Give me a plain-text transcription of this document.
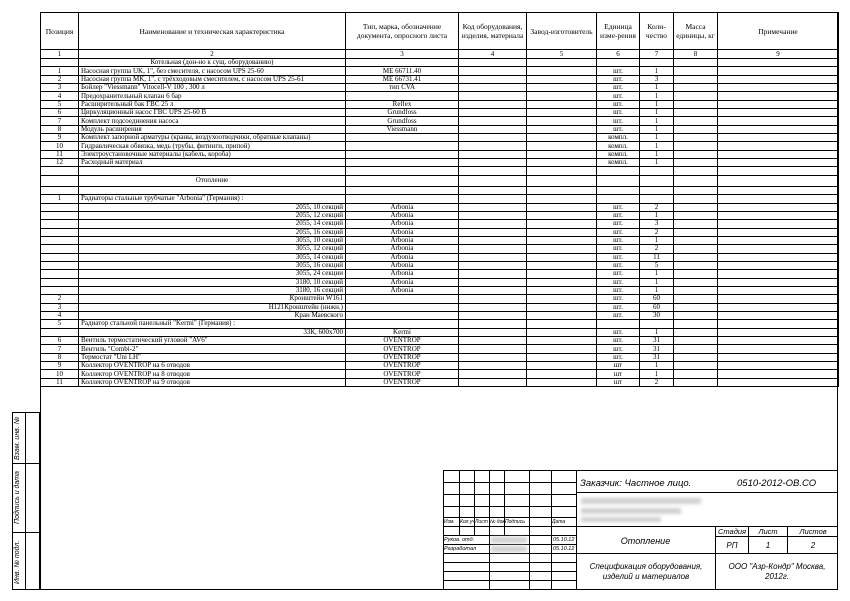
Позиция	Наименование и техническая характеристика	Тип, марка, обозначение документа, опросного листа	Код оборудования, изделия, материала	Завод-изготовитель	Единица изме-рения	Коли-чество	Масса единицы, кг	Примечание
1	2	3	4	5	6	7	8	9
	Котельная (дон-но к сущ. оборудованию)							
1	Насосная группа UK, 1", без смесителя, с насосом UPS 25-60	ME 66711.40			шт.	1		
2	Насосная группа MK, 1", с трёхходовым смесителем, с насосом UPS 25-61	ME 66731.41			шт.	3		
3	Бойлер "Viessmann" Vitocell-V 100 , 300 л	тип CVA			шт.	1		
4	Предохранительный клапан 6 бар				шт.	1		
5	Расширительный бак ГВС 25 л	Reflex			шт.	1		
6	Циркуляционный насос ГВС UPS 25-60 B	Grundfoss			шт.	1		
7	Комплект подсоединения насоса	Grundfoss			шт.	1		
8	Модуль расширения	Viessmann			шт.	1		
9	Комплект запорной арматуры (краны, воздухоотводчики, обратные клапаны)				компл.	1		
10	Гидравлическая обвязка, медь (трубы, фитинги, припой)				компл.	1		
11	Электроустановочные материалы (кабель, короба)				компл.	1		
12	Расходный материал				компл.	1		

	Отопление							

1	Радиаторы стальные трубчатые "Arbonia" (Германия) :							
	2055, 10 секций	Arbonia			шт.	2		
	2055, 12 секций	Arbonia			шт.	1		
	2055, 14 секций	Arbonia			шт.	3		
	2055, 16 секций	Arbonia			шт.	2		
	3055, 10 секций	Arbonia			шт.	1		
	3055, 12 секций	Arbonia			шт.	2		
	3055, 14 секций	Arbonia			шт.	11		
	3055, 16 секций	Arbonia			шт.	5		
	3055, 24 секции	Arbonia			шт.	1		
	3180, 10 секций	Arbonia			шт.	1		
	3180, 16 секций	Arbonia			шт.	1		
2	Кронштейн W161				шт.	60		
3	H121Кронштейн (нижн.)				шт.	60		
4	Кран Маевского				шт.	30		
5	Радиатор стальной панельный "Kermi" (Германия) :							
	33К, 600х700	Kermi			шт.	1		
6	Вентиль термостатический угловой "AV6"	OVENTROP			шт.	31		
7	Вентиль "Combi-2"	OVENTROP			шт.	31		
8	Термостат "Uni LH"	OVENTROP			шт.	31		
9	Коллектор OVENTROP на 6 отводов	OVENTROP			шт	1		
10	Коллектор OVENTROP на 8 отводов	OVENTROP			шт	1		
11	Коллектор OVENTROP на 9 отводов	OVENTROP			шт	2		
Взам. инв. №
Подпись и дата
Инв. № подл.
Заказчик: Частное лицо.	0510-2012-ОВ.СО
Изм. Кол.уч Лист № док.
Подпись	Дата
Руков. отд.
Разработал
05.10.12
05.10.12
Отопление
Стадия	Лист	Листов
РП	1	2
Спецификация оборудования, изделий и материалов
ООО "Азр-Кондр" Москва, 2012г.
